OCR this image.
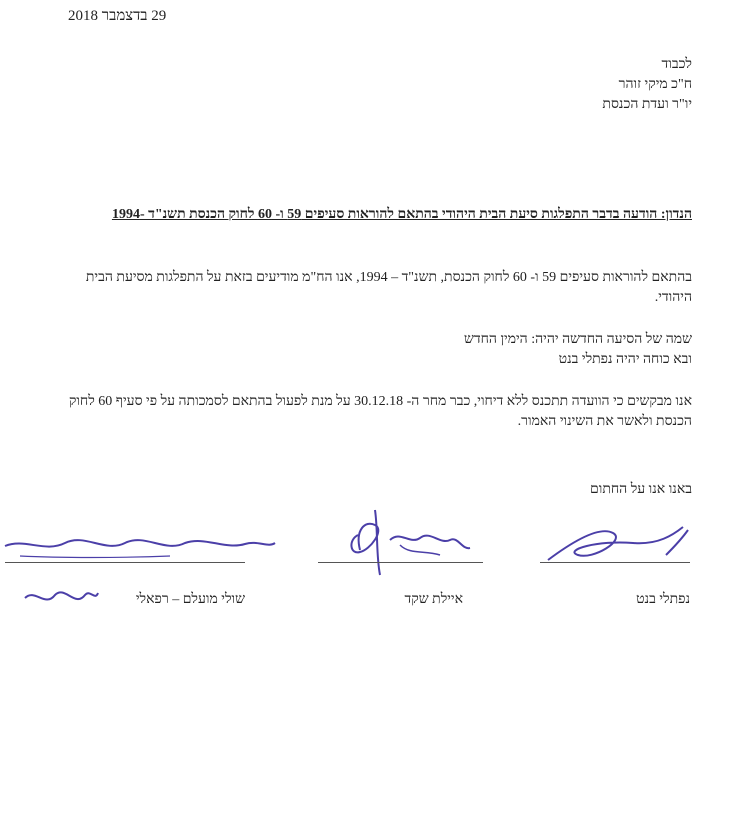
29 בדצמבר 2018
לכבוד
ח"כ מיקי זוהר
יו"ר ועדת הכנסת
הנדון: הודעה בדבר התפלגות סיעת הבית היהודי בהתאם להוראות סעיפים 59 ו- 60 לחוק הכנסת תשנ"ד -1994
בהתאם להוראות סעיפים 59 ו- 60 לחוק הכנסת, תשנ"ד – 1994, אנו הח"מ מודיעים בזאת על התפלגות מסיעת הבית היהודי.
שמה של הסיעה החדשה יהיה: הימין החדש
ובא כוחה יהיה נפתלי בנט
אנו מבקשים כי הוועדה תתכנס ללא דיחוי, כבר מחר ה- 30.12.18 על מנת לפעול בהתאם לסמכותה על פי סעיף 60 לחוק הכנסת ולאשר את השינוי האמור.
באנו אנו על החתום
נפתלי בנט
איילת שקד
שולי מועלם – רפאלי
